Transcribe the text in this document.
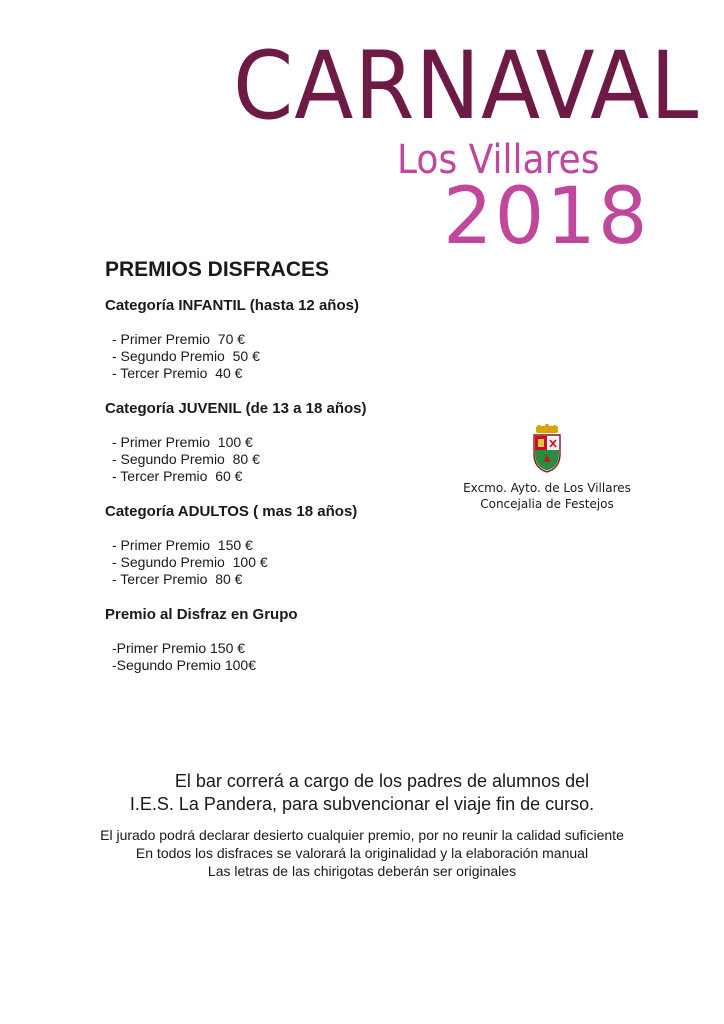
CARNAVAL
Los Villares
2018
PREMIOS DISFRACES
Categoría INFANTIL (hasta 12 años)
- Primer Premio  70 €
- Segundo Premio  50 €
- Tercer Premio  40 €
Categoría JUVENIL (de 13 a 18 años)
- Primer Premio  100 €
- Segundo Premio  80 €
- Tercer Premio  60 €
Categoría ADULTOS ( mas 18 años)
- Primer Premio  150 €
- Segundo Premio  100 €
- Tercer Premio  80 €
Premio al Disfraz en Grupo
-Primer Premio 150 €
-Segundo Premio 100€
Excmo. Ayto. de Los Villares
Concejalia de Festejos
El bar correrá a cargo de los padres de alumnos del
I.E.S. La Pandera, para subvencionar el viaje fin de curso.
El jurado podrá declarar desierto cualquier premio, por no reunir la calidad suficiente
En todos los disfraces se valorará la originalidad y la elaboración manual
Las letras de las chirigotas deberán ser originales
